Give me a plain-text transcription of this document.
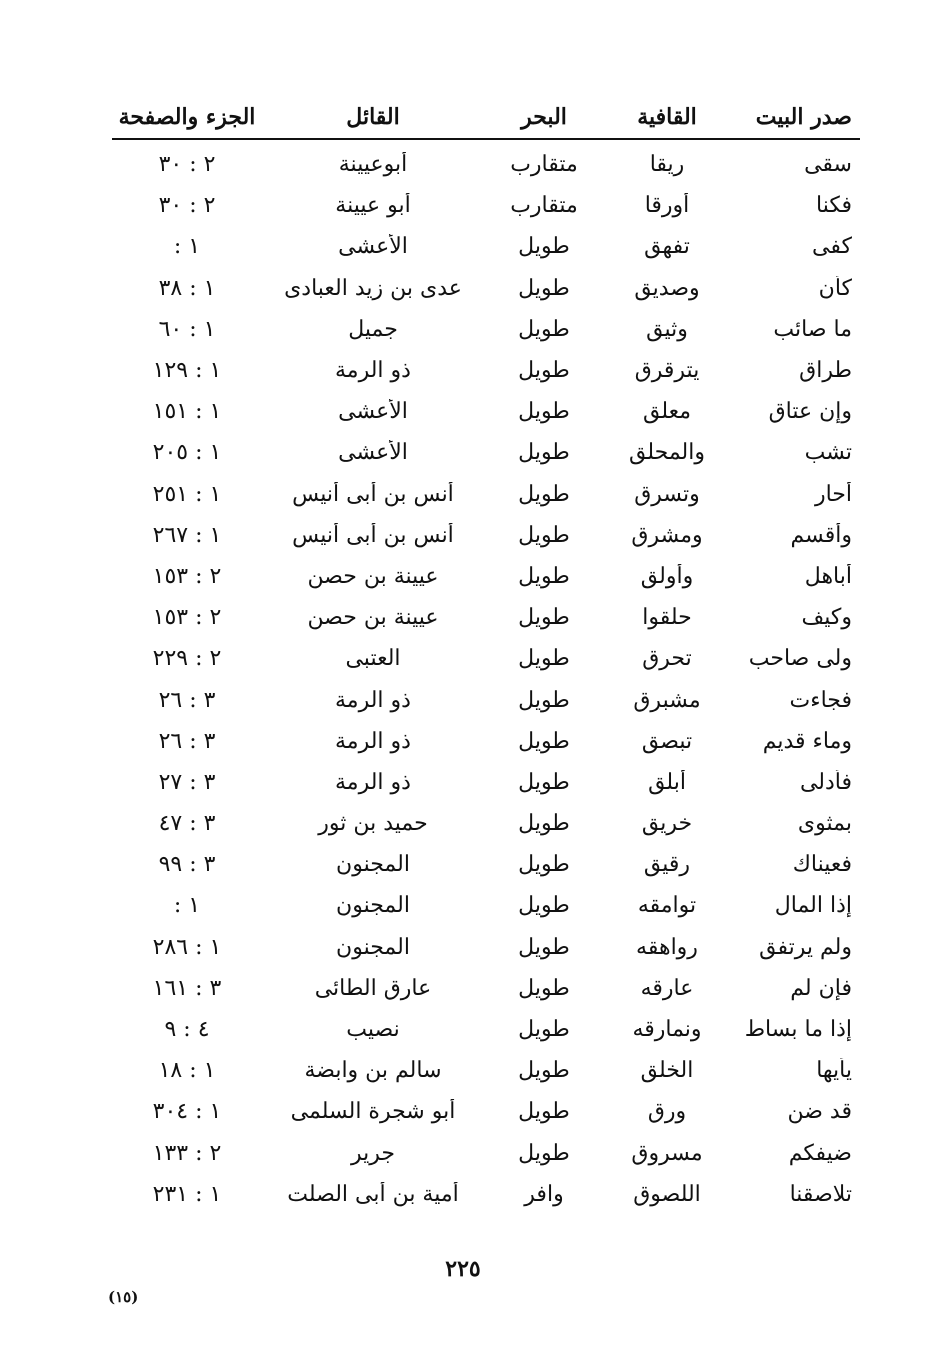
صدر البيت
القافية
البحر
القائل
الجزء والصفحة
سقى
ريقا
متقارب
أبوعيينة
٢ : ٣٠
فكنا
أورقا
متقارب
أبو عيينة
٢ : ٣٠
كفى
تفهق
طويل
الأعشى
١ :
كأن
وصديق
طويل
عدى بن زيد العبادى
١ : ٣٨
ما صائب
وثيق
طويل
جميل
١ : ٦٠
طراق
يترقرق
طويل
ذو الرمة
١ : ١٢٩
وإن عتاق
معلق
طويل
الأعشى
١ : ١٥١
تشب
والمحلق
طويل
الأعشى
١ : ٢٠٥
أحار
وتسرق
طويل
أنس بن أبى أنيس
١ : ٢٥١
وأقسم
ومشرق
طويل
أنس بن أبى أنيس
١ : ٢٦٧
أباهل
وأولق
طويل
عيينة بن حصن
٢ : ١٥٣
وكيف
حلقوا
طويل
عيينة بن حصن
٢ : ١٥٣
ولى صاحب
تحرق
طويل
العتبى
٢ : ٢٢٩
فجاءت
مشبرق
طويل
ذو الرمة
٣ : ٢٦
وماء قديم
تبصق
طويل
ذو الرمة
٣ : ٢٦
فأدلى
أبلق
طويل
ذو الرمة
٣ : ٢٧
بمثوى
خريق
طويل
حميد بن ثور
٣ : ٤٧
فعيناك
رقيق
طويل
المجنون
٣ : ٩٩
إذا المال
توامقه
طويل
المجنون
١ :
ولم يرتفق
رواهقه
طويل
المجنون
١ : ٢٨٦
فإن لم
عارقه
طويل
عارق الطائى
٣ : ١٦١
إذا ما بساط
ونمارقه
طويل
نصيب
٤ : ٩
يأيها
الخلق
طويل
سالم بن وابضة
١ : ١٨
قد ضن
ورق
طويل
أبو شجرة السلمى
١ : ٣٠٤
ضيفكم
مسروق
طويل
جرير
٢ : ١٣٣
تلاصقنا
اللصوق
وافر
أمية بن أبى الصلت
١ : ٢٣١
٢٢٥
(١٥)
